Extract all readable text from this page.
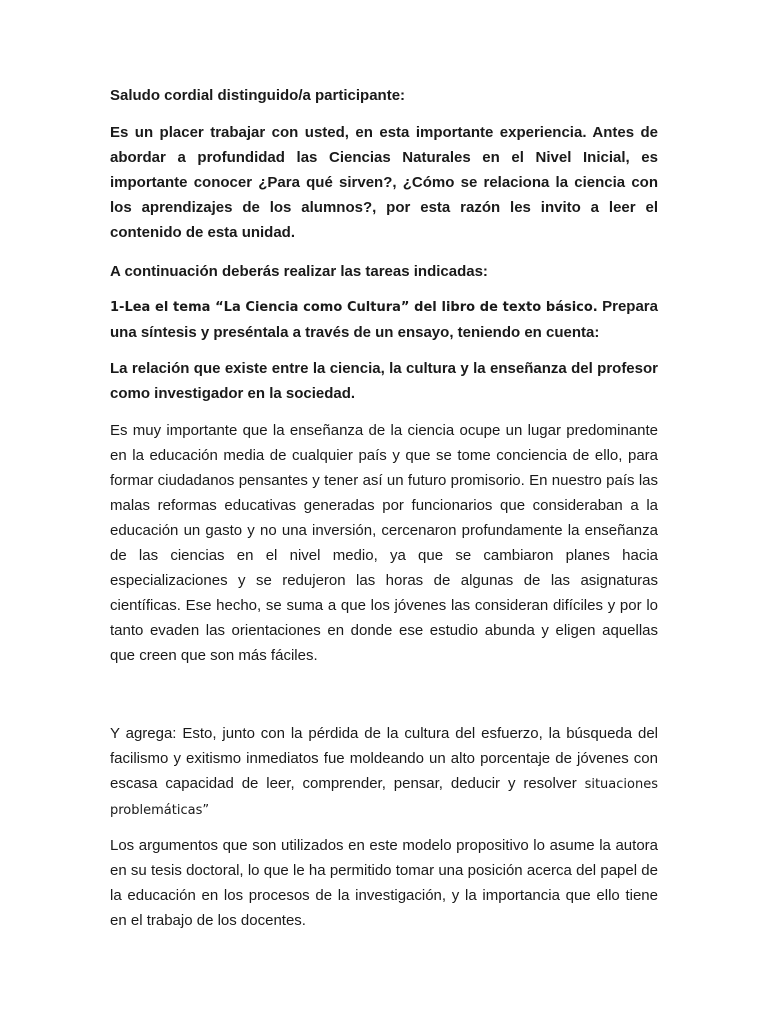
Saludo cordial distinguido/a participante:

Es un placer trabajar con usted, en esta importante experiencia. Antes de abordar a profundidad las Ciencias Naturales en el Nivel Inicial, es importante conocer ¿Para qué sirven?, ¿Cómo se relaciona la ciencia con los aprendizajes de los alumnos?, por esta razón les invito a leer el contenido de esta unidad.

A continuación deberás realizar las tareas indicadas:

1-Lea el tema “La Ciencia como Cultura” del libro de texto básico. Prepara una síntesis y preséntala a través de un ensayo, teniendo en cuenta:

La relación que existe entre la ciencia, la cultura y la enseñanza del profesor como investigador en la sociedad.

Es muy importante que la enseñanza de la ciencia ocupe un lugar predominante en la educación media de cualquier país y que se tome conciencia de ello, para formar ciudadanos pensantes y tener así un futuro promisorio. En nuestro país las malas reformas educativas generadas por funcionarios que consideraban a la educación un gasto y no una inversión, cercenaron profundamente la enseñanza de las ciencias en el nivel medio, ya que se cambiaron planes hacia especializaciones y se redujeron las horas de algunas de las asignaturas científicas. Ese hecho, se suma a que los jóvenes las consideran difíciles y por lo tanto evaden las orientaciones en donde ese estudio abunda y eligen aquellas que creen que son más fáciles.

Y agrega: Esto, junto con la pérdida de la cultura del esfuerzo, la búsqueda del facilismo y exitismo inmediatos fue moldeando un alto porcentaje de jóvenes con escasa capacidad de leer, comprender, pensar, deducir y resolver situaciones problemáticas”

Los argumentos que son utilizados en este modelo propositivo lo asume la autora en su tesis doctoral, lo que le ha permitido tomar una posición acerca del papel de la educación en los procesos de la investigación, y la importancia que ello tiene en el trabajo de los docentes.
